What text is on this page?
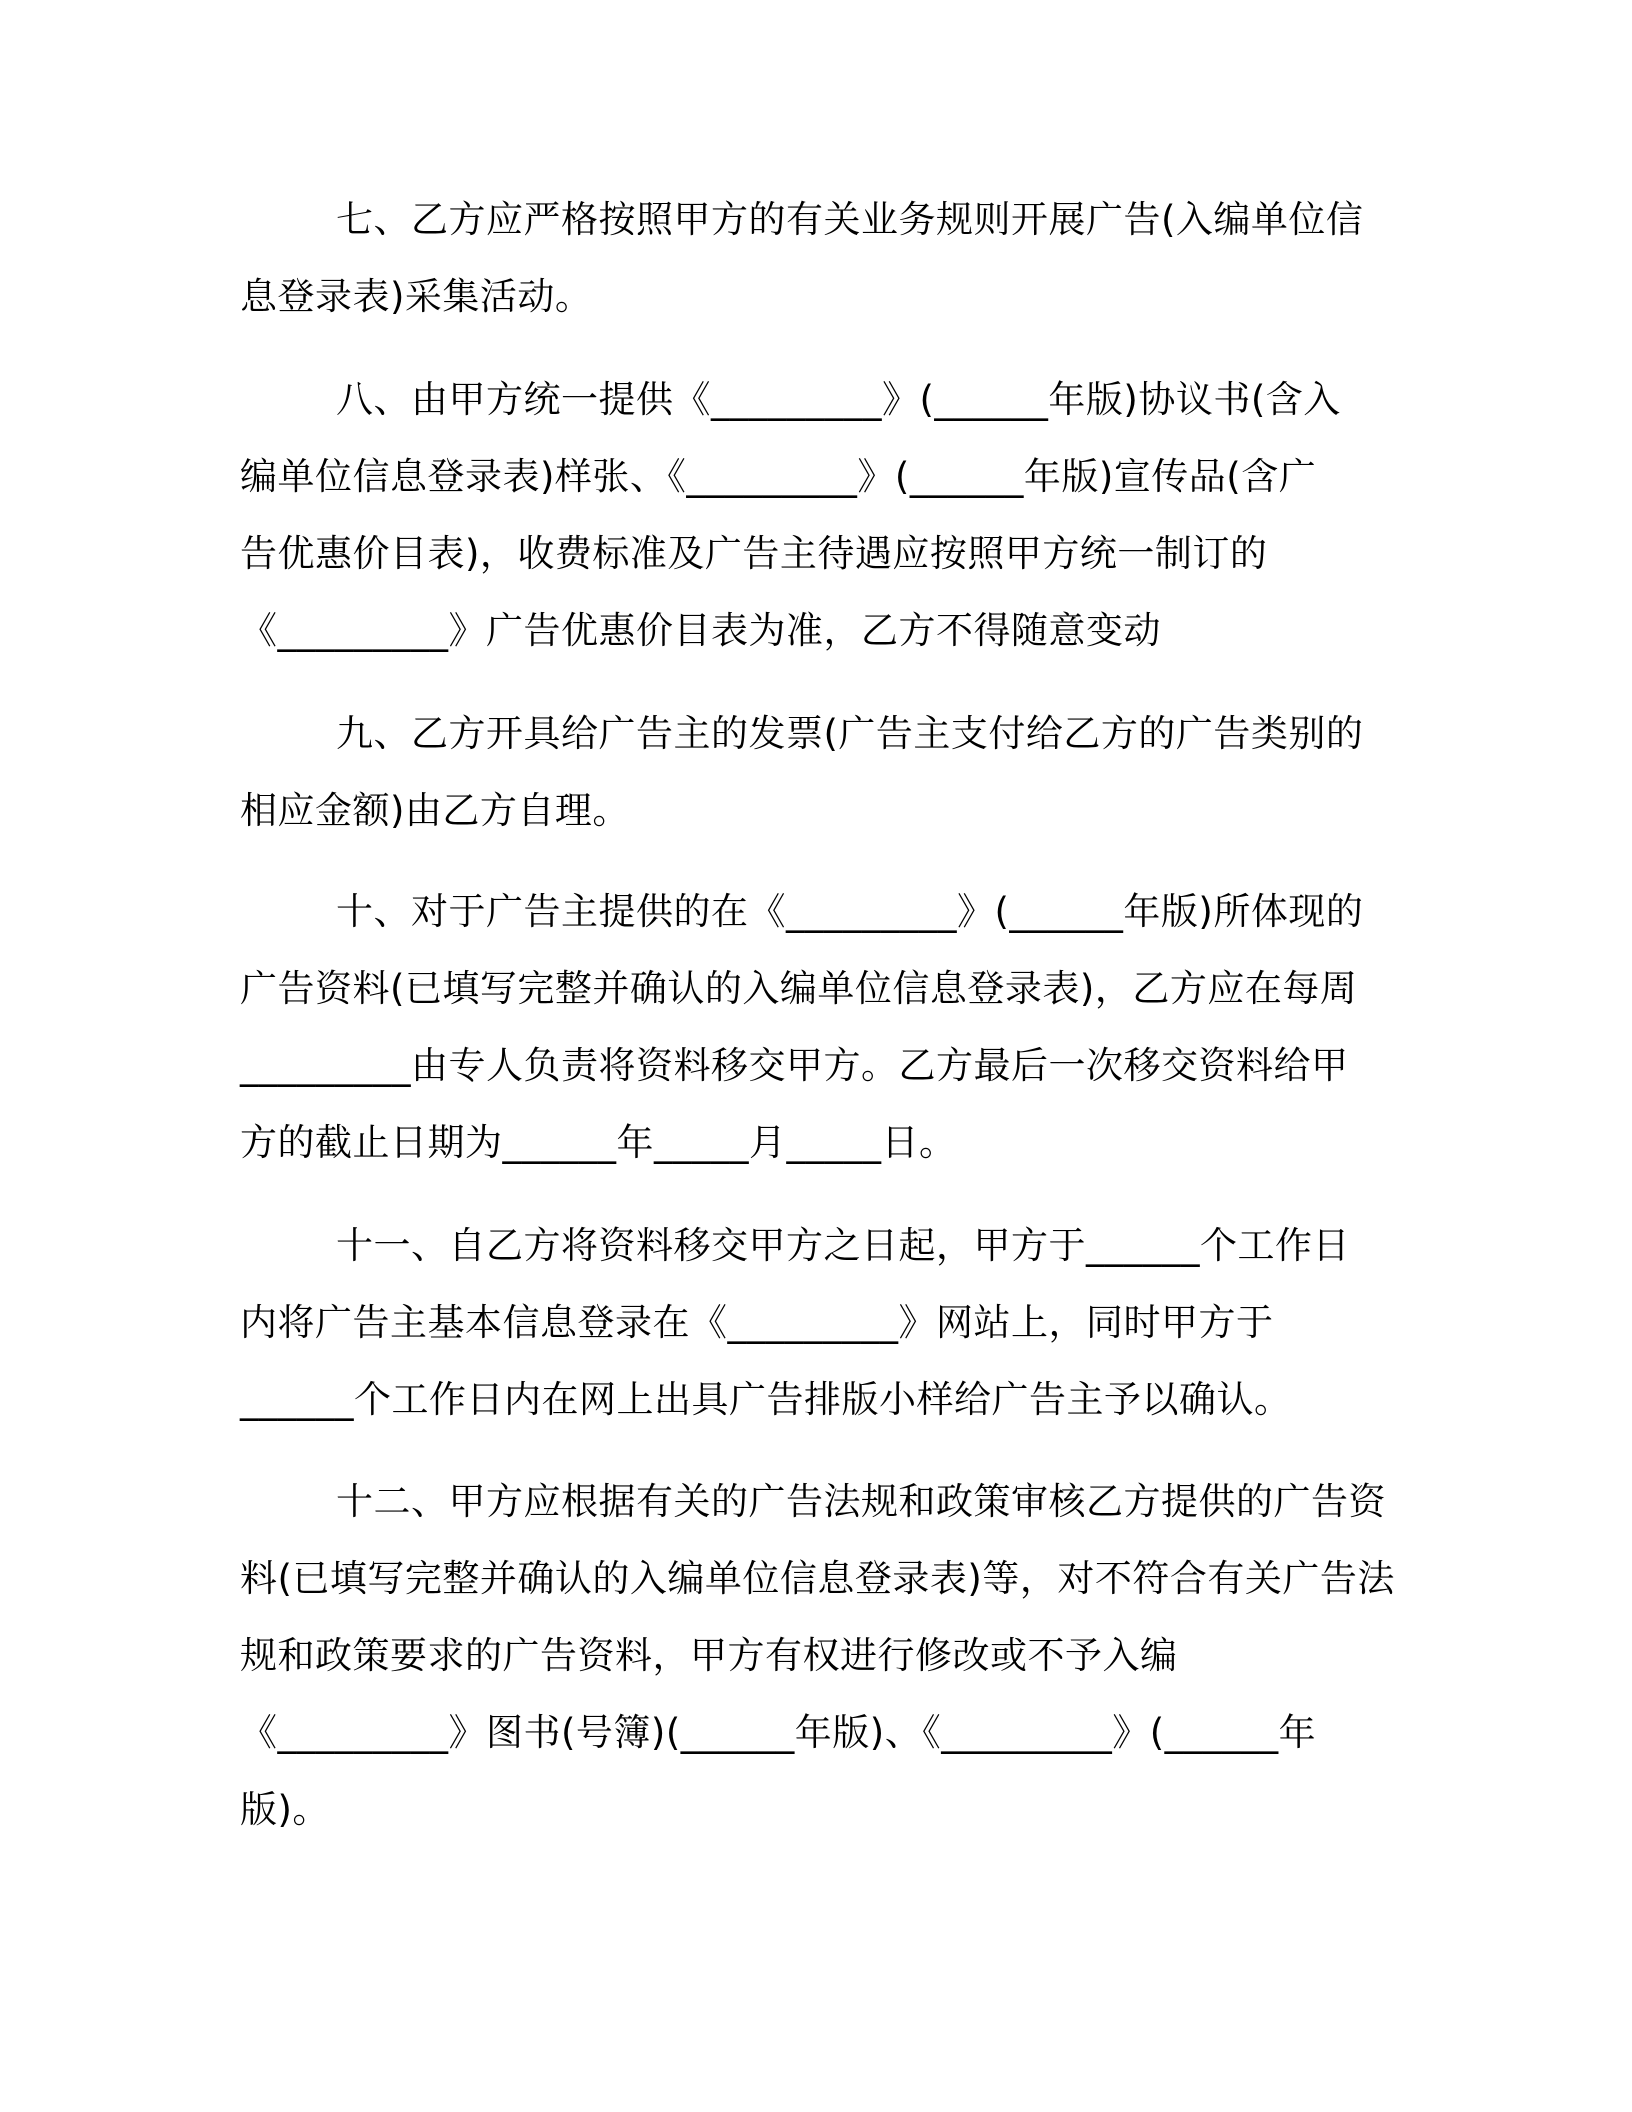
七、乙方应严格按照甲方的有关业务规则开展广告(入编单位信
息登录表)采集活动。
八、由甲方统一提供《_________》(______年版)协议书(含入
编单位信息登录表)样张、《_________》(______年版)宣传品(含广
告优惠价目表)，收费标准及广告主待遇应按照甲方统一制订的
《_________》广告优惠价目表为准，乙方不得随意变动
九、乙方开具给广告主的发票(广告主支付给乙方的广告类别的
相应金额)由乙方自理。
十、对于广告主提供的在《_________》(______年版)所体现的
广告资料(已填写完整并确认的入编单位信息登录表)，乙方应在每周
_________由专人负责将资料移交甲方。乙方最后一次移交资料给甲
方的截止日期为______年_____月_____日。
十一、自乙方将资料移交甲方之日起，甲方于______个工作日
内将广告主基本信息登录在《_________》网站上，同时甲方于
______个工作日内在网上出具广告排版小样给广告主予以确认。
十二、甲方应根据有关的广告法规和政策审核乙方提供的广告资
料(已填写完整并确认的入编单位信息登录表)等，对不符合有关广告法
规和政策要求的广告资料，甲方有权进行修改或不予入编
《_________》图书(号簿)(______年版)、《_________》(______年
版)。
